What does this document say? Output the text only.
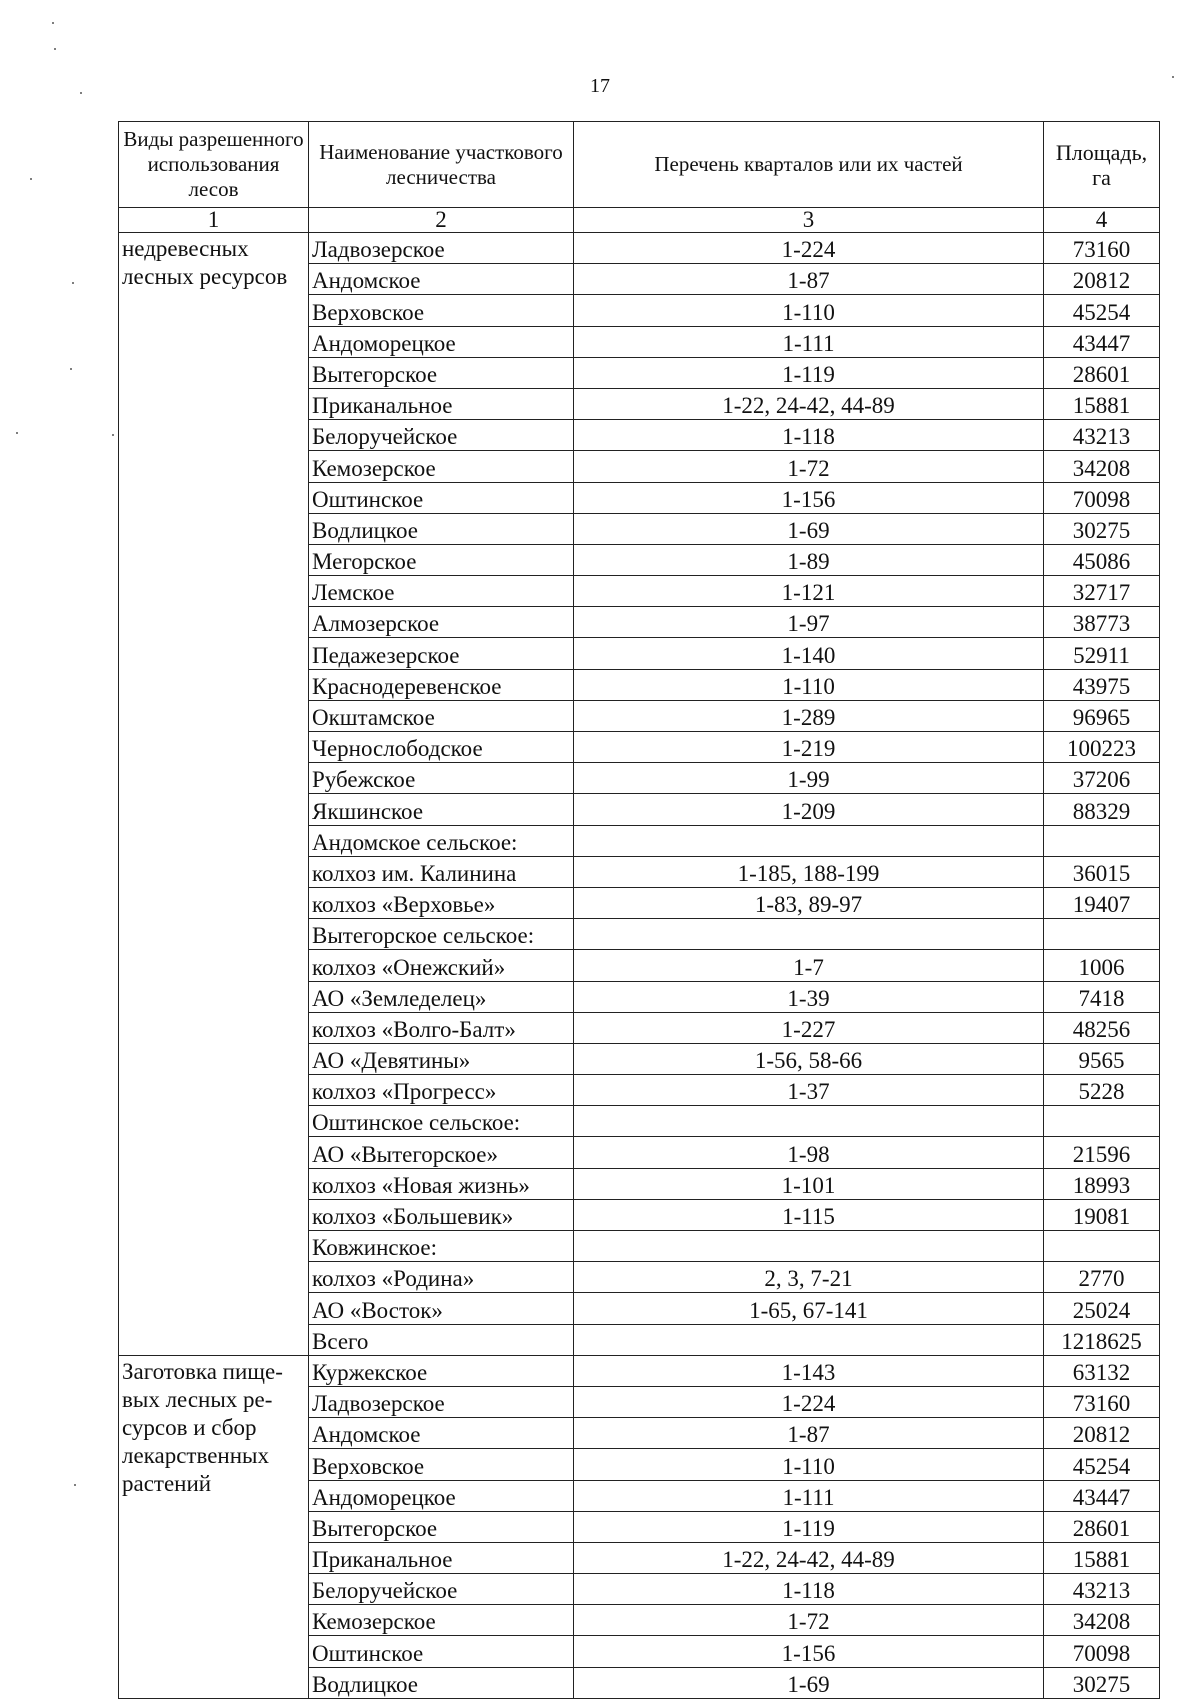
17
Виды разрешенного использования лесов	Наименование участкового лесничества	Перечень кварталов или их частей	Площадь, га
1	2	3	4
недревесных
лесных ресурсов	Ладвозерское	1-224	73160
	Андомское	1-87	20812
	Верховское	1-110	45254
	Андоморецкое	1-111	43447
	Вытегорское	1-119	28601
	Приканальное	1-22, 24-42, 44-89	15881
	Белоручейское	1-118	43213
	Кемозерское	1-72	34208
	Оштинское	1-156	70098
	Водлицкое	1-69	30275
	Мегорское	1-89	45086
	Лемское	1-121	32717
	Алмозерское	1-97	38773
	Педажезерское	1-140	52911
	Краснодеревенское	1-110	43975
	Окштамское	1-289	96965
	Чернослободское	1-219	100223
	Рубежское	1-99	37206
	Якшинское	1-209	88329
	Андомское сельское:		
	колхоз им. Калинина	1-185, 188-199	36015
	колхоз «Верховье»	1-83, 89-97	19407
	Вытегорское сельское:		
	колхоз «Онежский»	1-7	1006
	АО «Земледелец»	1-39	7418
	колхоз «Волго-Балт»	1-227	48256
	АО «Девятины»	1-56, 58-66	9565
	колхоз «Прогресс»	1-37	5228
	Оштинское сельское:		
	АО «Вытегорское»	1-98	21596
	колхоз «Новая жизнь»	1-101	18993
	колхоз «Большевик»	1-115	19081
	Ковжинское:		
	колхоз «Родина»	2, 3, 7-21	2770
	АО «Восток»	1-65, 67-141	25024
	Всего		1218625
Заготовка пище-
вых лесных ре-
сурсов и сбор
лекарственных
растений	Куржекское	1-143	63132
	Ладвозерское	1-224	73160
	Андомское	1-87	20812
	Верховское	1-110	45254
	Андоморецкое	1-111	43447
	Вытегорское	1-119	28601
	Приканальное	1-22, 24-42, 44-89	15881
	Белоручейское	1-118	43213
	Кемозерское	1-72	34208
	Оштинское	1-156	70098
	Водлицкое	1-69	30275
